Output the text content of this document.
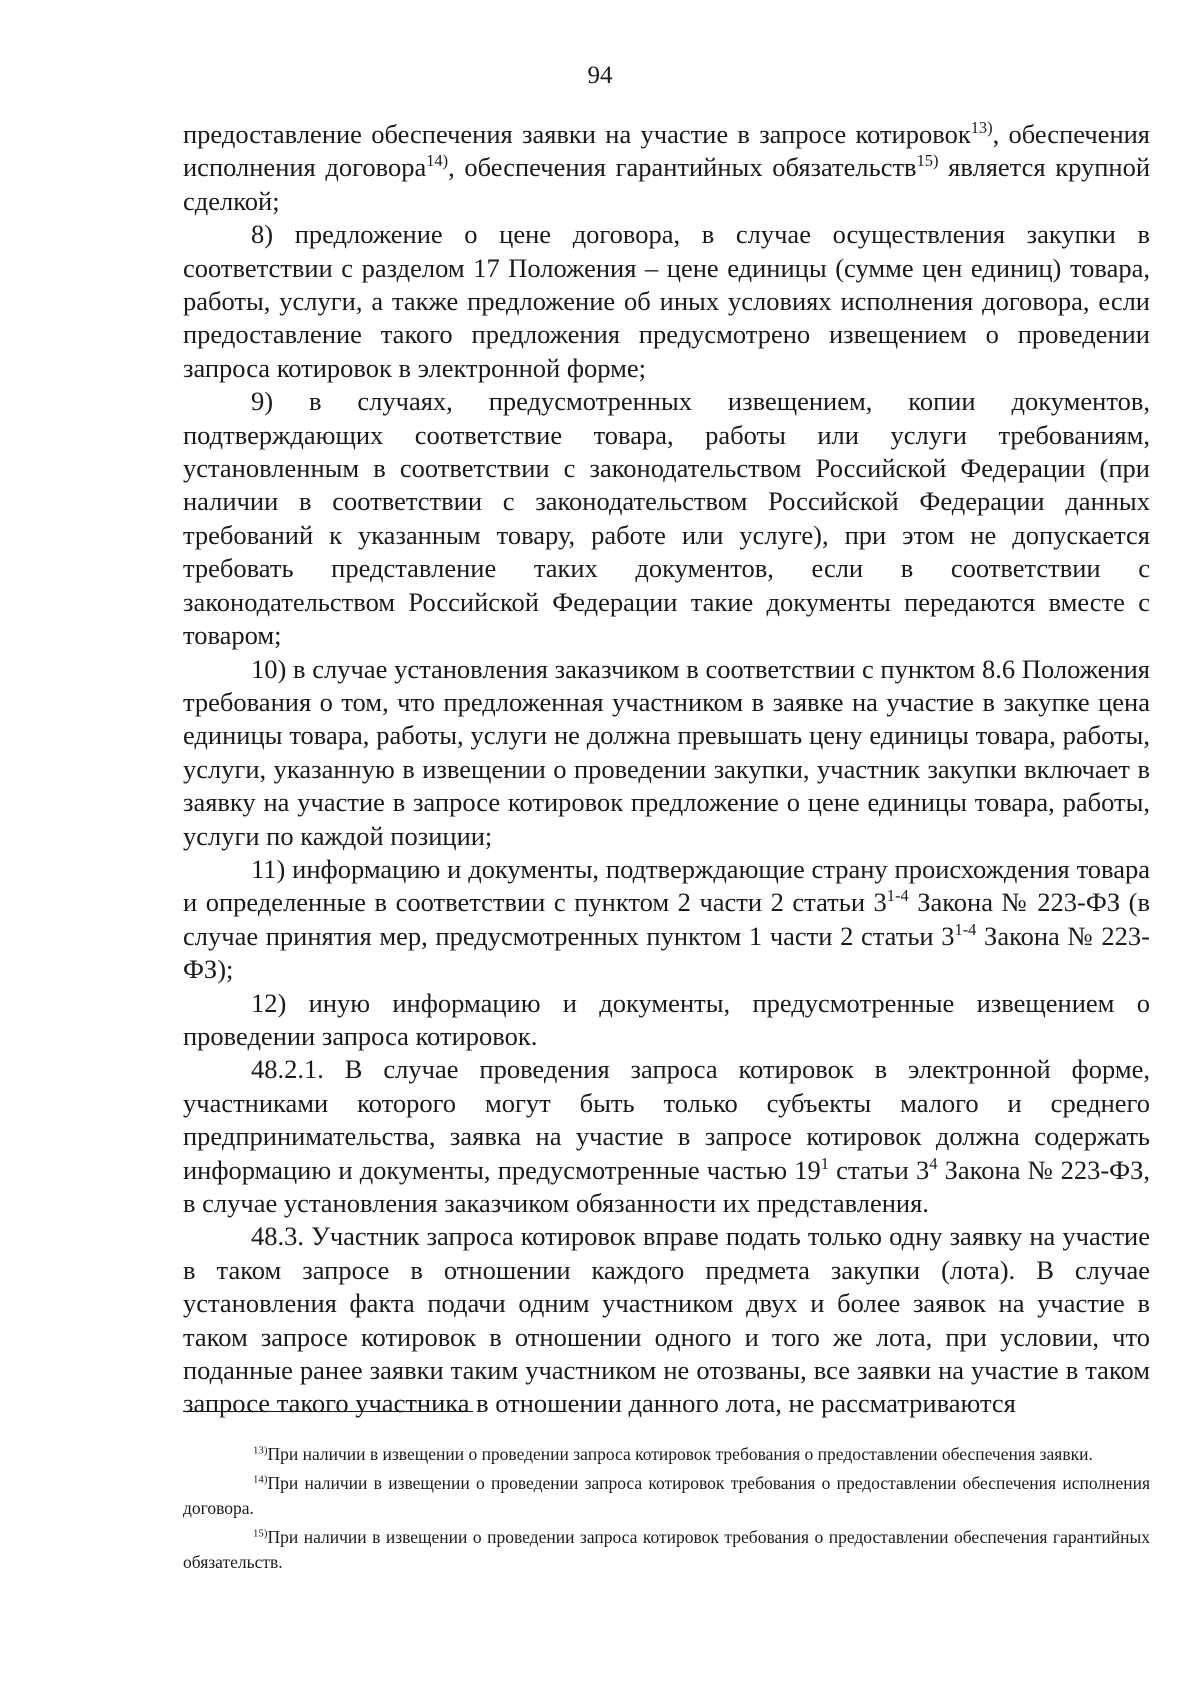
94

предоставление обеспечения заявки на участие в запросе котировок$^{13)}$, обеспечения исполнения договора$^{14)}$, обеспечения гарантийных обязательств$^{15)}$ является крупной сделкой;

8) предложение о цене договора, в случае осуществления закупки в соответствии с разделом 17 Положения – цене единицы (сумме цен единиц) товара, работы, услуги, а также предложение об иных условиях исполнения договора, если предоставление такого предложения предусмотрено извещением о проведении запроса котировок в электронной форме;

9) в случаях, предусмотренных извещением, копии документов, подтверждающих соответствие товара, работы или услуги требованиям, установленным в соответствии с законодательством Российской Федерации (при наличии в соответствии с законодательством Российской Федерации данных требований к указанным товару, работе или услуге), при этом не допускается требовать представление таких документов, если в соответствии с законодательством Российской Федерации такие документы передаются вместе с товаром;

10) в случае установления заказчиком в соответствии с пунктом 8.6 Положения требования о том, что предложенная участником в заявке на участие в закупке цена единицы товара, работы, услуги не должна превышать цену единицы товара, работы, услуги, указанную в извещении о проведении закупки, участник закупки включает в заявку на участие в запросе котировок предложение о цене единицы товара, работы, услуги по каждой позиции;

11) информацию и документы, подтверждающие страну происхождения товара и определенные в соответствии с пунктом 2 части 2 статьи 3$^{1-4}$ Закона № 223-ФЗ (в случае принятия мер, предусмотренных пунктом 1 части 2 статьи 3$^{1-4}$ Закона № 223-ФЗ);

12) иную информацию и документы, предусмотренные извещением о проведении запроса котировок.

48.2.1. В случае проведения запроса котировок в электронной форме, участниками которого могут быть только субъекты малого и среднего предпринимательства, заявка на участие в запросе котировок должна содержать информацию и документы, предусмотренные частью $19^1$ статьи $3^4$ Закона № 223-ФЗ, в случае установления заказчиком обязанности их представления.

48.3. Участник запроса котировок вправе подать только одну заявку на участие в таком запросе в отношении каждого предмета закупки (лота). В случае установления факта подачи одним участником двух и более заявок на участие в таком запросе котировок в отношении одного и того же лота, при условии, что поданные ранее заявки таким участником не отозваны, все заявки на участие в таком запросе такого участника в отношении данного лота, не рассматриваются

$^{13)}$При наличии в извещении о проведении запроса котировок требования о предоставлении обеспечения заявки.

$^{14)}$При наличии в извещении о проведении запроса котировок требования о предоставлении обеспечения исполнения договора.

$^{15)}$При наличии в извещении о проведении запроса котировок требования о предоставлении обеспечения гарантийных обязательств.
